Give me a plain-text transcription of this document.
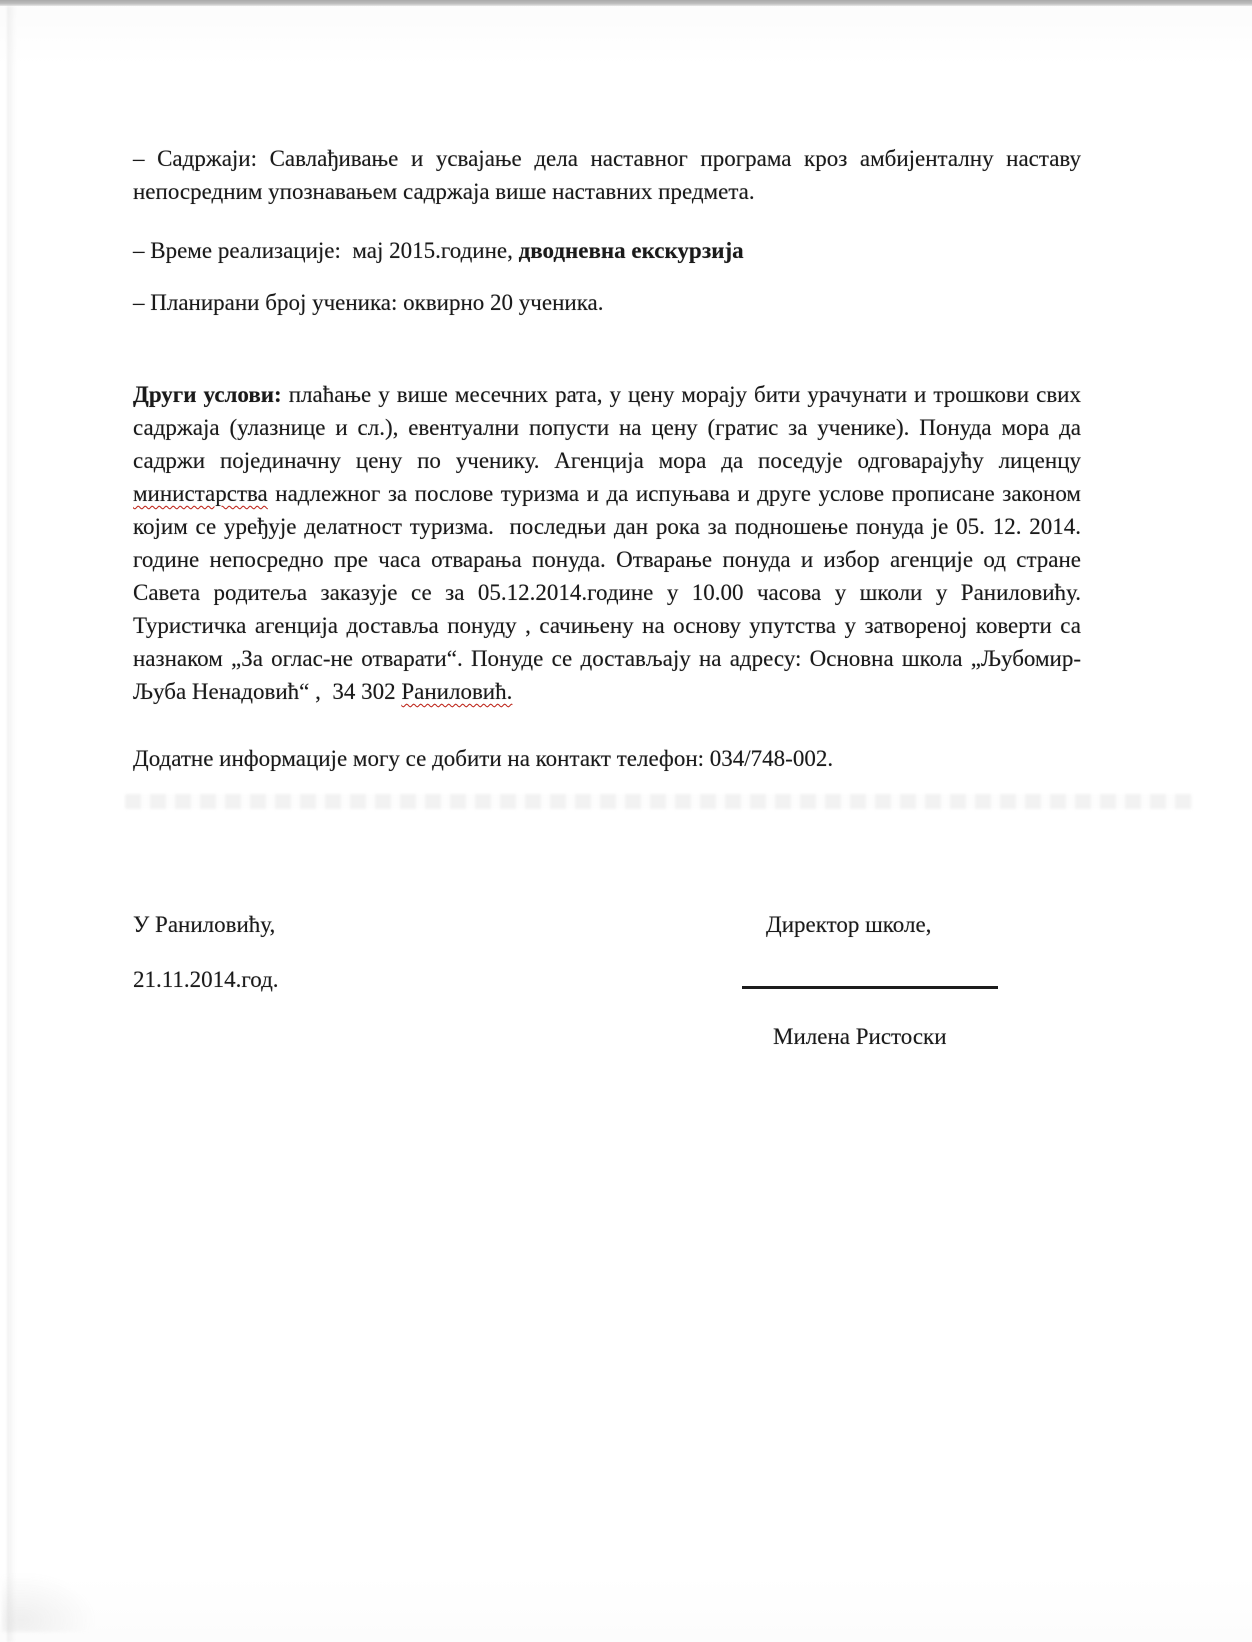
– Садржаји: Савлађивање и усвајање дела наставног програма кроз амбијенталну наставу непосредним упознавањем садржаја више наставних предмета.

– Време реализације:  мај 2015.године, дводневна екскурзија

– Планирани број ученика: оквирно 20 ученика.

Други услови: плаћање у више месечних рата, у цену морају бити урачунати и трошкови свих садржаја (улазнице и сл.), евентуални попусти на цену (гратис за ученике). Понуда мора да садржи појединачну цену по ученику. Агенција мора да поседује одговарајућу лиценцу министарства надлежног за послове туризма и да испуњава и друге услове прописане законом којим се уређује делатност туризма.  последњи дан рока за подношење понуда је 05. 12. 2014. године непосредно пре часа отварања понуда. Отварање понуда и избор агенције од стране Савета родитеља заказује се за 05.12.2014.године у 10.00 часова у школи у Раниловићу.   Туристичка агенција доставља понуду , сачињену на основу упутства у затвореној коверти са назнаком „За оглас-не отварати“. Понуде се достављају на адресу: Основна школа „Љубомир-Љуба Ненадовић“ ,  34 302 Раниловић.

Додатне информације могу се добити на контакт телефон: 034/748-002.

У Раниловићу,	Директор школе,
21.11.2014.год.
Милена Ристоски
